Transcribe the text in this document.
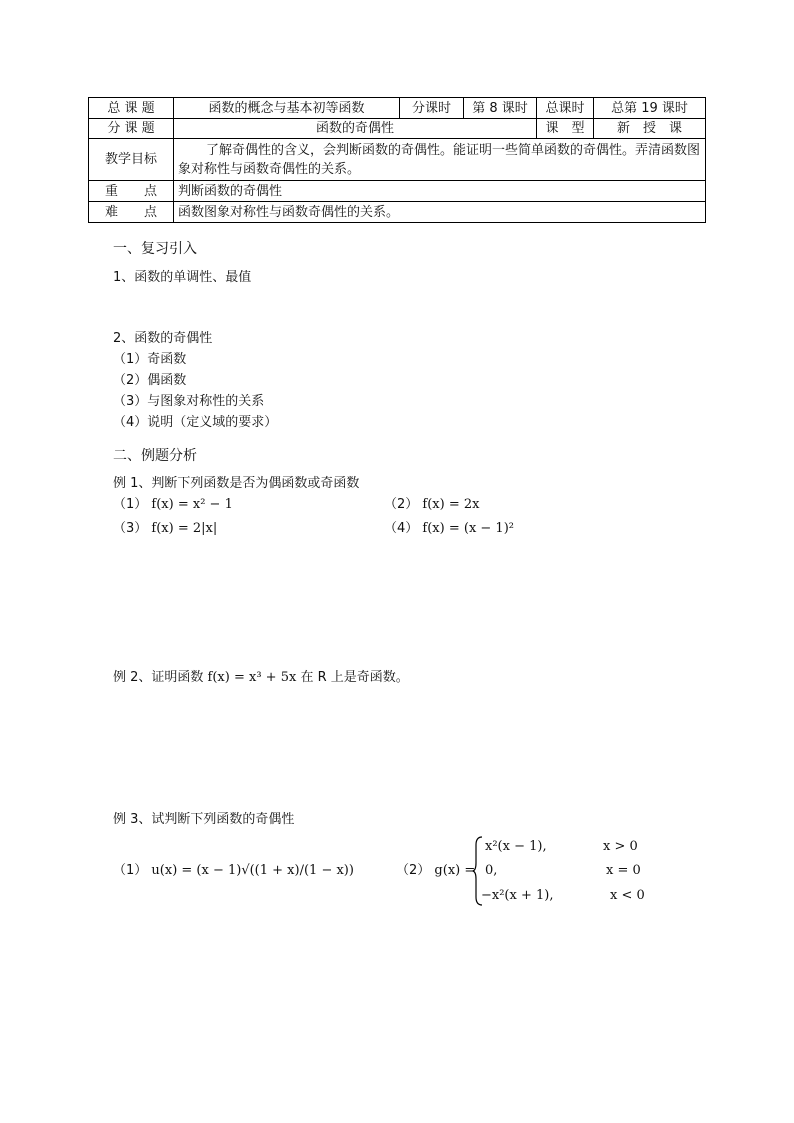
总 课 题	函数的概念与基本初等函数	分课时	第 8 课时	总课时	总第 19 课时
分 课 题	函数的奇偶性			课　型	新　授　课
教学目标	了解奇偶性的含义，会判断函数的奇偶性。能证明一些简单函数的奇偶性。弄清函数图象对称性与函数奇偶性的关系。				
重　　点	判断函数的奇偶性				
难　　点	函数图象对称性与函数奇偶性的关系。				
一、复习引入
1、函数的单调性、最值
2、函数的奇偶性
（1）奇函数
（2）偶函数
（3）与图象对称性的关系
（4）说明（定义域的要求）
二、例题分析
例 1、判断下列函数是否为偶函数或奇函数
（1） f(x) = x² − 1	（2） f(x) = 2x
（3） f(x) = 2|x|	（4） f(x) = (x − 1)²
例 2、证明函数 f(x) = x³ + 5x 在 R 上是奇函数。
例 3、试判断下列函数的奇偶性
（1） u(x) = (x − 1)√((1 + x)/(1 − x))	（2） g(x) =
x²(x − 1),	x > 0
0,	x = 0
−x²(x + 1),	x < 0
